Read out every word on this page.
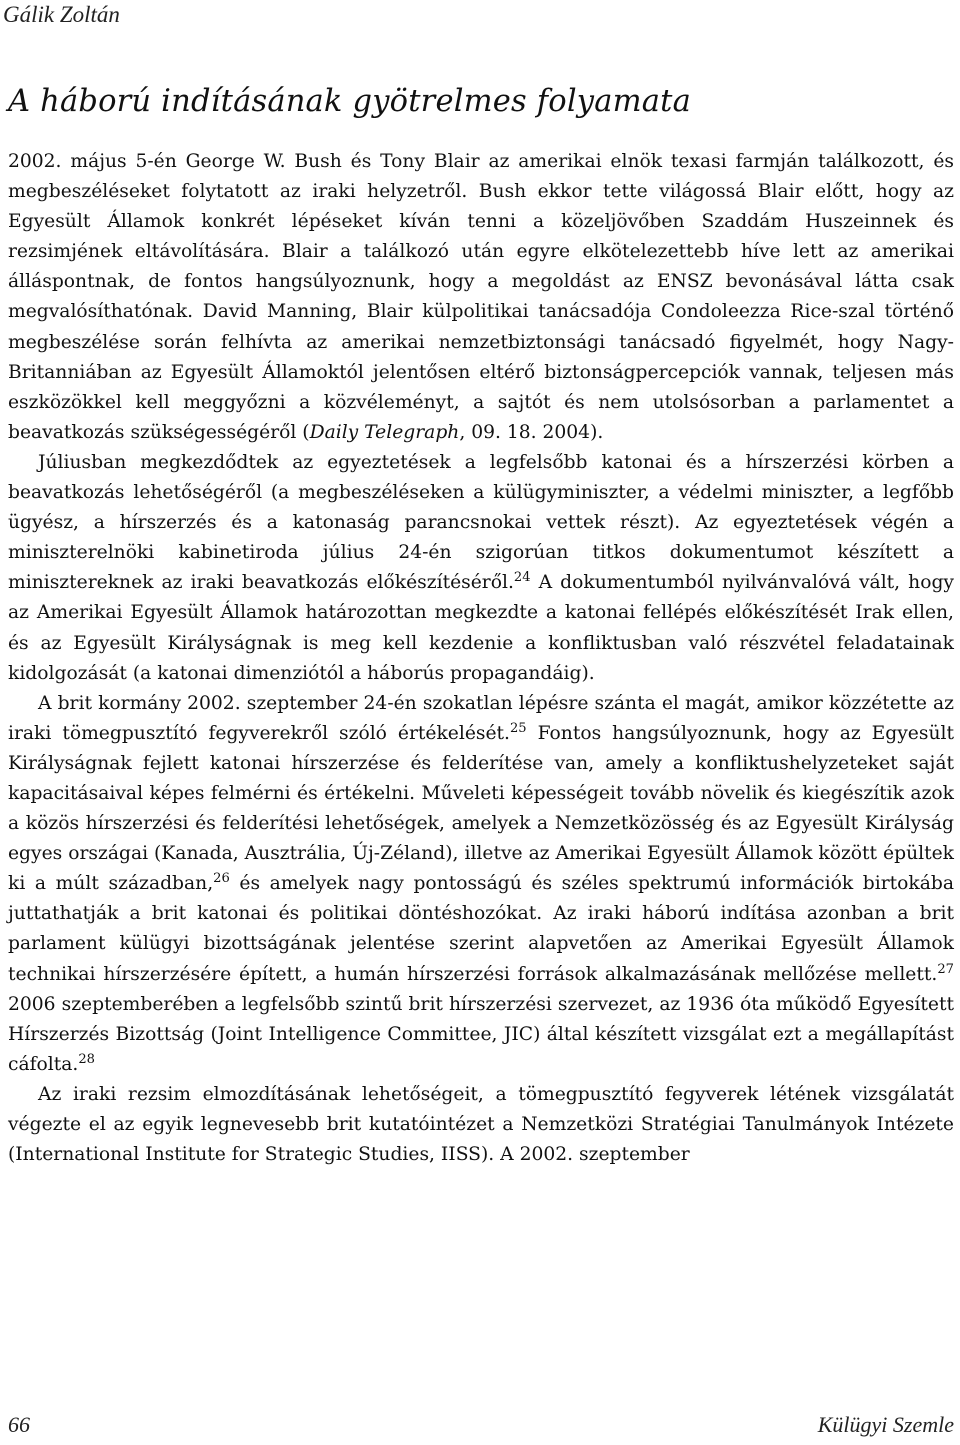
Gálik Zoltán
A háború indításának gyötrelmes folyamata

2002. május 5-én George W. Bush és Tony Blair az amerikai elnök texasi farmján találkozott, és megbeszéléseket folytatott az iraki helyzetről. Bush ekkor tette világossá Blair előtt, hogy az Egyesült Államok konkrét lépéseket kíván tenni a közeljövőben Szaddám Huszeinnek és rezsimjének eltávolítására. Blair a találkozó után egyre elkötelezettebb híve lett az amerikai álláspontnak, de fontos hangsúlyoznunk, hogy a megoldást az ENSZ bevonásával látta csak megvalósíthatónak. David Manning, Blair külpolitikai tanácsadója Condoleezza Rice-szal történő megbeszélése során felhívta az amerikai nemzetbiztonsági tanácsadó figyelmét, hogy Nagy-Britanniában az Egyesült Államoktól jelentősen eltérő biztonságpercepciók vannak, teljesen más eszközökkel kell meggyőzni a közvéleményt, a sajtót és nem utolsósorban a parlamentet a beavatkozás szükségességéről (Daily Telegraph, 09. 18. 2004).

Júliusban megkezdődtek az egyeztetések a legfelsőbb katonai és a hírszerzési körben a beavatkozás lehetőségéről (a megbeszéléseken a külügyminiszter, a védelmi miniszter, a legfőbb ügyész, a hírszerzés és a katonaság parancsnokai vettek részt). Az egyeztetések végén a miniszterelnöki kabinetiroda július 24-én szigorúan titkos dokumentumot készített a minisztereknek az iraki beavatkozás előkészítéséről.$^{24}$ A dokumentumból nyilvánvalóvá vált, hogy az Amerikai Egyesült Államok határozottan megkezdte a katonai fellépés előkészítését Irak ellen, és az Egyesült Királyságnak is meg kell kezdenie a konfliktusban való részvétel feladatainak kidolgozását (a katonai dimenziótól a háborús propagandáig).

A brit kormány 2002. szeptember 24-én szokatlan lépésre szánta el magát, amikor közzétette az iraki tömegpusztító fegyverekről szóló értékelését.$^{25}$ Fontos hangsúlyoznunk, hogy az Egyesült Királyságnak fejlett katonai hírszerzése és felderítése van, amely a konfliktushelyzeteket saját kapacitásaival képes felmérni és értékelni. Műveleti képességeit tovább növelik és kiegészítik azok a közös hírszerzési és felderítési lehetőségek, amelyek a Nemzetközösség és az Egyesült Királyság egyes országai (Kanada, Ausztrália, Új-Zéland), illetve az Amerikai Egyesült Államok között épültek ki a múlt században,$^{26}$ és amelyek nagy pontosságú és széles spektrumú információk birtokába juttathatják a brit katonai és politikai döntéshozókat. Az iraki háború indítása azonban a brit parlament külügyi bizottságának jelentése szerint alapvetően az Amerikai Egyesült Államok technikai hírszerzésére épített, a humán hírszerzési források alkalmazásának mellőzése mellett.$^{27}$ 2006 szeptemberében a legfelsőbb szintű brit hírszerzési szervezet, az 1936 óta működő Egyesített Hírszerzés Bizottság (Joint Intelligence Committee, JIC) által készített vizsgálat ezt a megállapítást cáfolta.$^{28}$

Az iraki rezsim elmozdításának lehetőségeit, a tömegpusztító fegyverek létének vizsgálatát végezte el az egyik legnevesebb brit kutatóintézet a Nemzetközi Stratégiai Tanulmányok Intézete (International Institute for Strategic Studies, IISS). A 2002. szeptember

66	Külügyi Szemle
